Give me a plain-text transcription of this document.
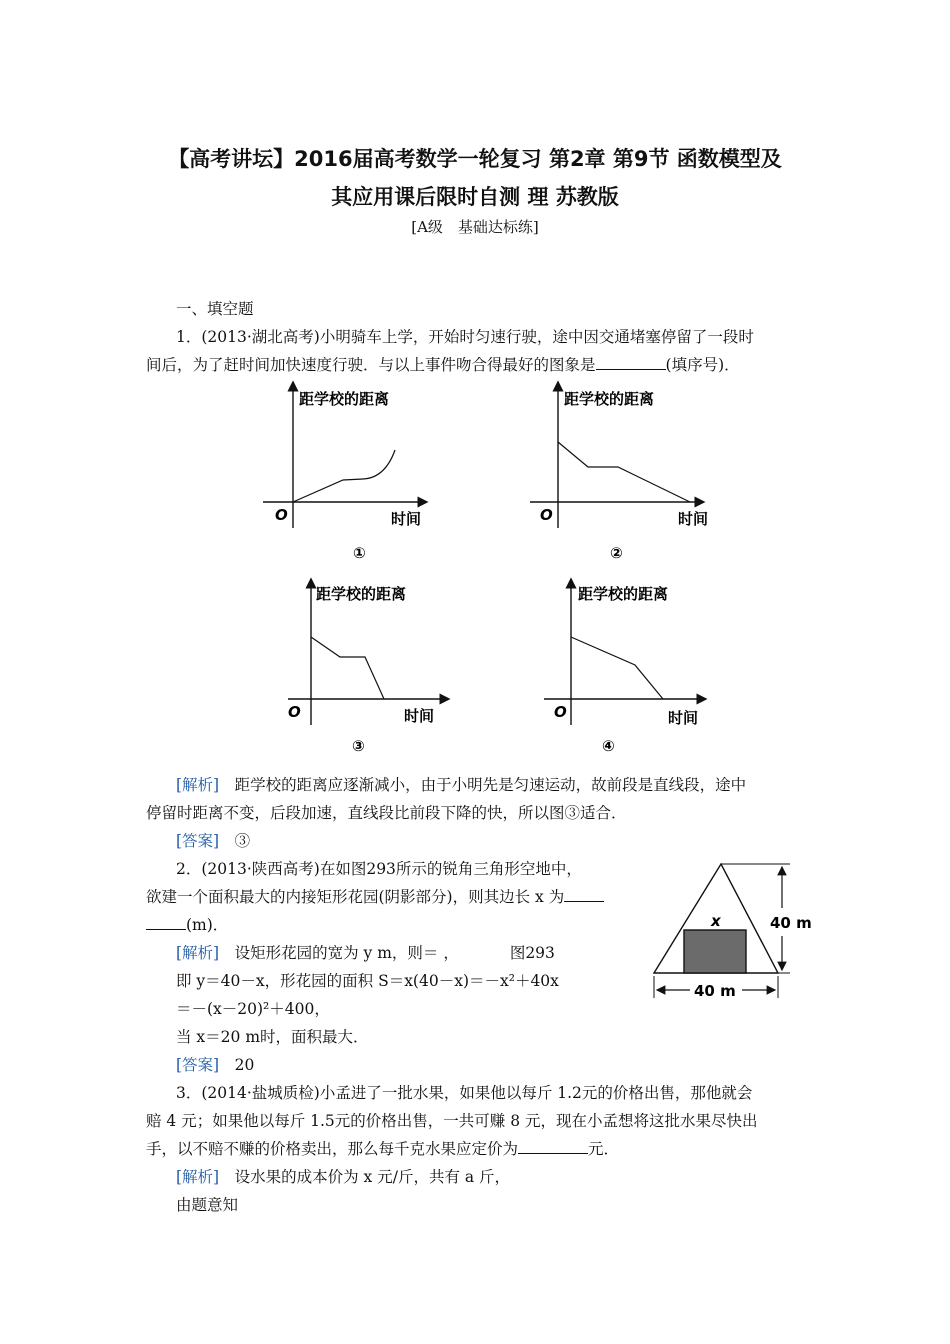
【高考讲坛】2016届高考数学一轮复习 第2章 第9节 函数模型及
其应用课后限时自测 理 苏教版
[A级　基础达标练]
一、填空题
1．(2013·湖北高考)小明骑车上学，开始时匀速行驶，途中因交通堵塞停留了一段时
间后，为了赶时间加快速度行驶．与以上事件吻合得最好的图象是	(填序号)．
距学校的距离
时间
O
①
距学校的距离
时间
O
②
距学校的距离
时间
O
③
距学校的距离
时间
O
④
[解析]　 距学校的距离应逐渐减小，由于小明先是匀速运动，故前段是直线段，途中
停留时距离不变，后段加速，直线段比前段下降的快，所以图③适合．
[答案]　 ③
2．(2013·陕西高考)在如图293所示的锐角三角形空地中，
欲建一个面积最大的内接矩形花园(阴影部分)，则其边长 x 为
(m)．
[解析]　 设矩形花园的宽为 y m，则＝ ，	图293
即 y＝40－x，形花园的面积 S＝x(40－x)＝－x²＋40x
＝－(x－20)²＋400，
当 x＝20 m时，面积最大．
[答案]　 20
40 m
40 m
x
3．(2014·盐城质检)小孟进了一批水果，如果他以每斤 1.2元的价格出售，那他就会
赔 4 元；如果他以每斤 1.5元的价格出售，一共可赚 8 元，现在小孟想将这批水果尽快出
手，以不赔不赚的价格卖出，那么每千克水果应定价为	元．
[解析]　 设水果的成本价为 x 元/斤，共有 a 斤，
由题意知
